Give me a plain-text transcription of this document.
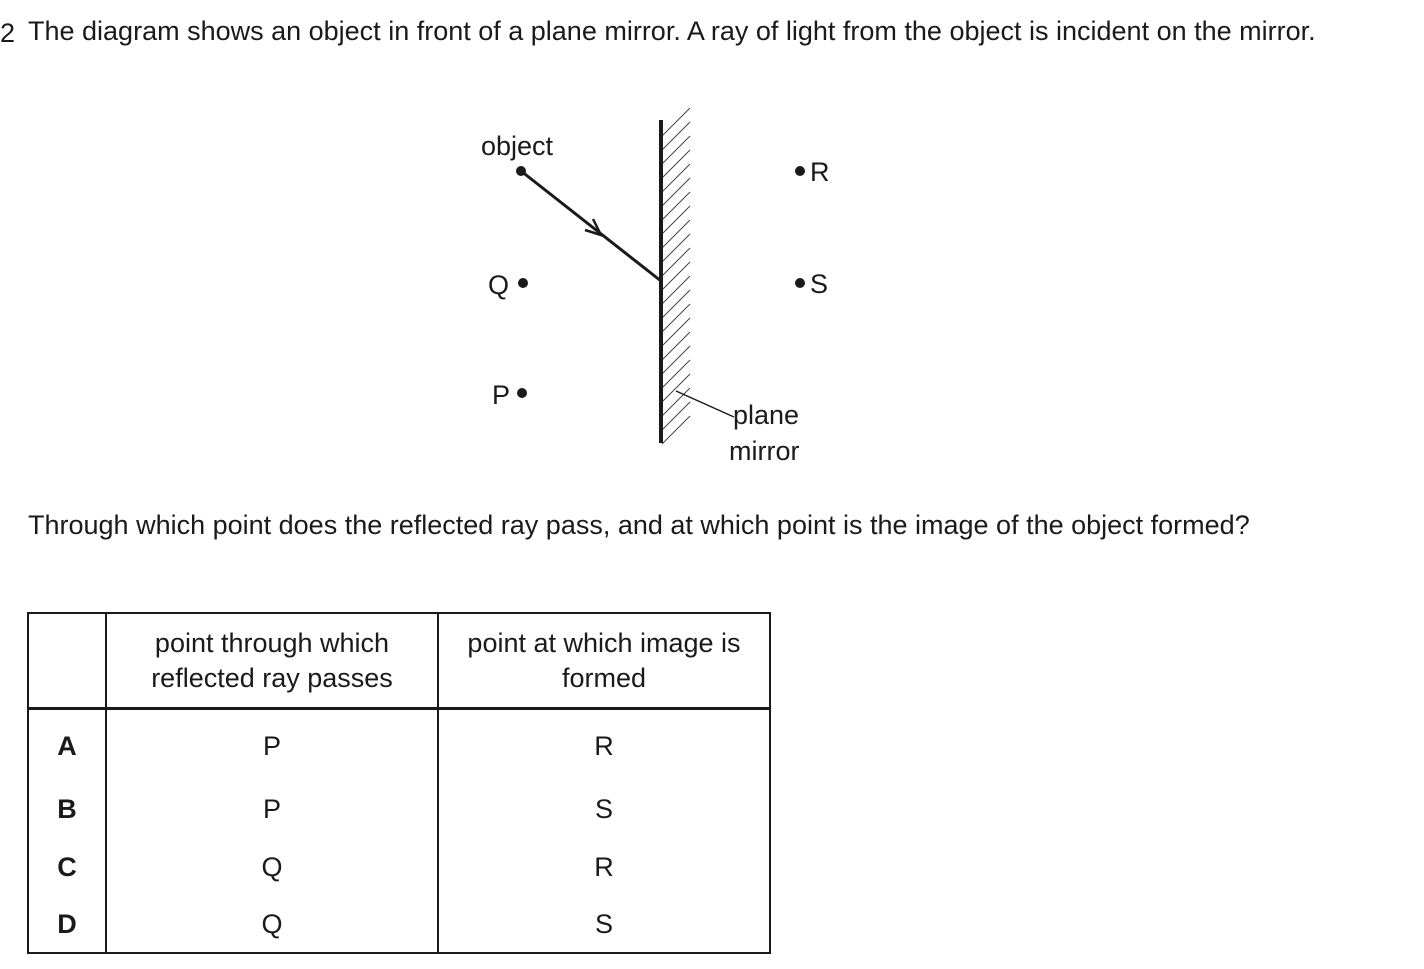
2 The diagram shows an object in front of a plane mirror. A ray of light from the object is incident on the mirror.

object
Q
P
R
S
plane
mirror

Through which point does the reflected ray pass, and at which point is the image of the object formed?

	point through which reflected ray passes	point at which image is formed
A	P	R
B	P	S
C	Q	R
D	Q	S
